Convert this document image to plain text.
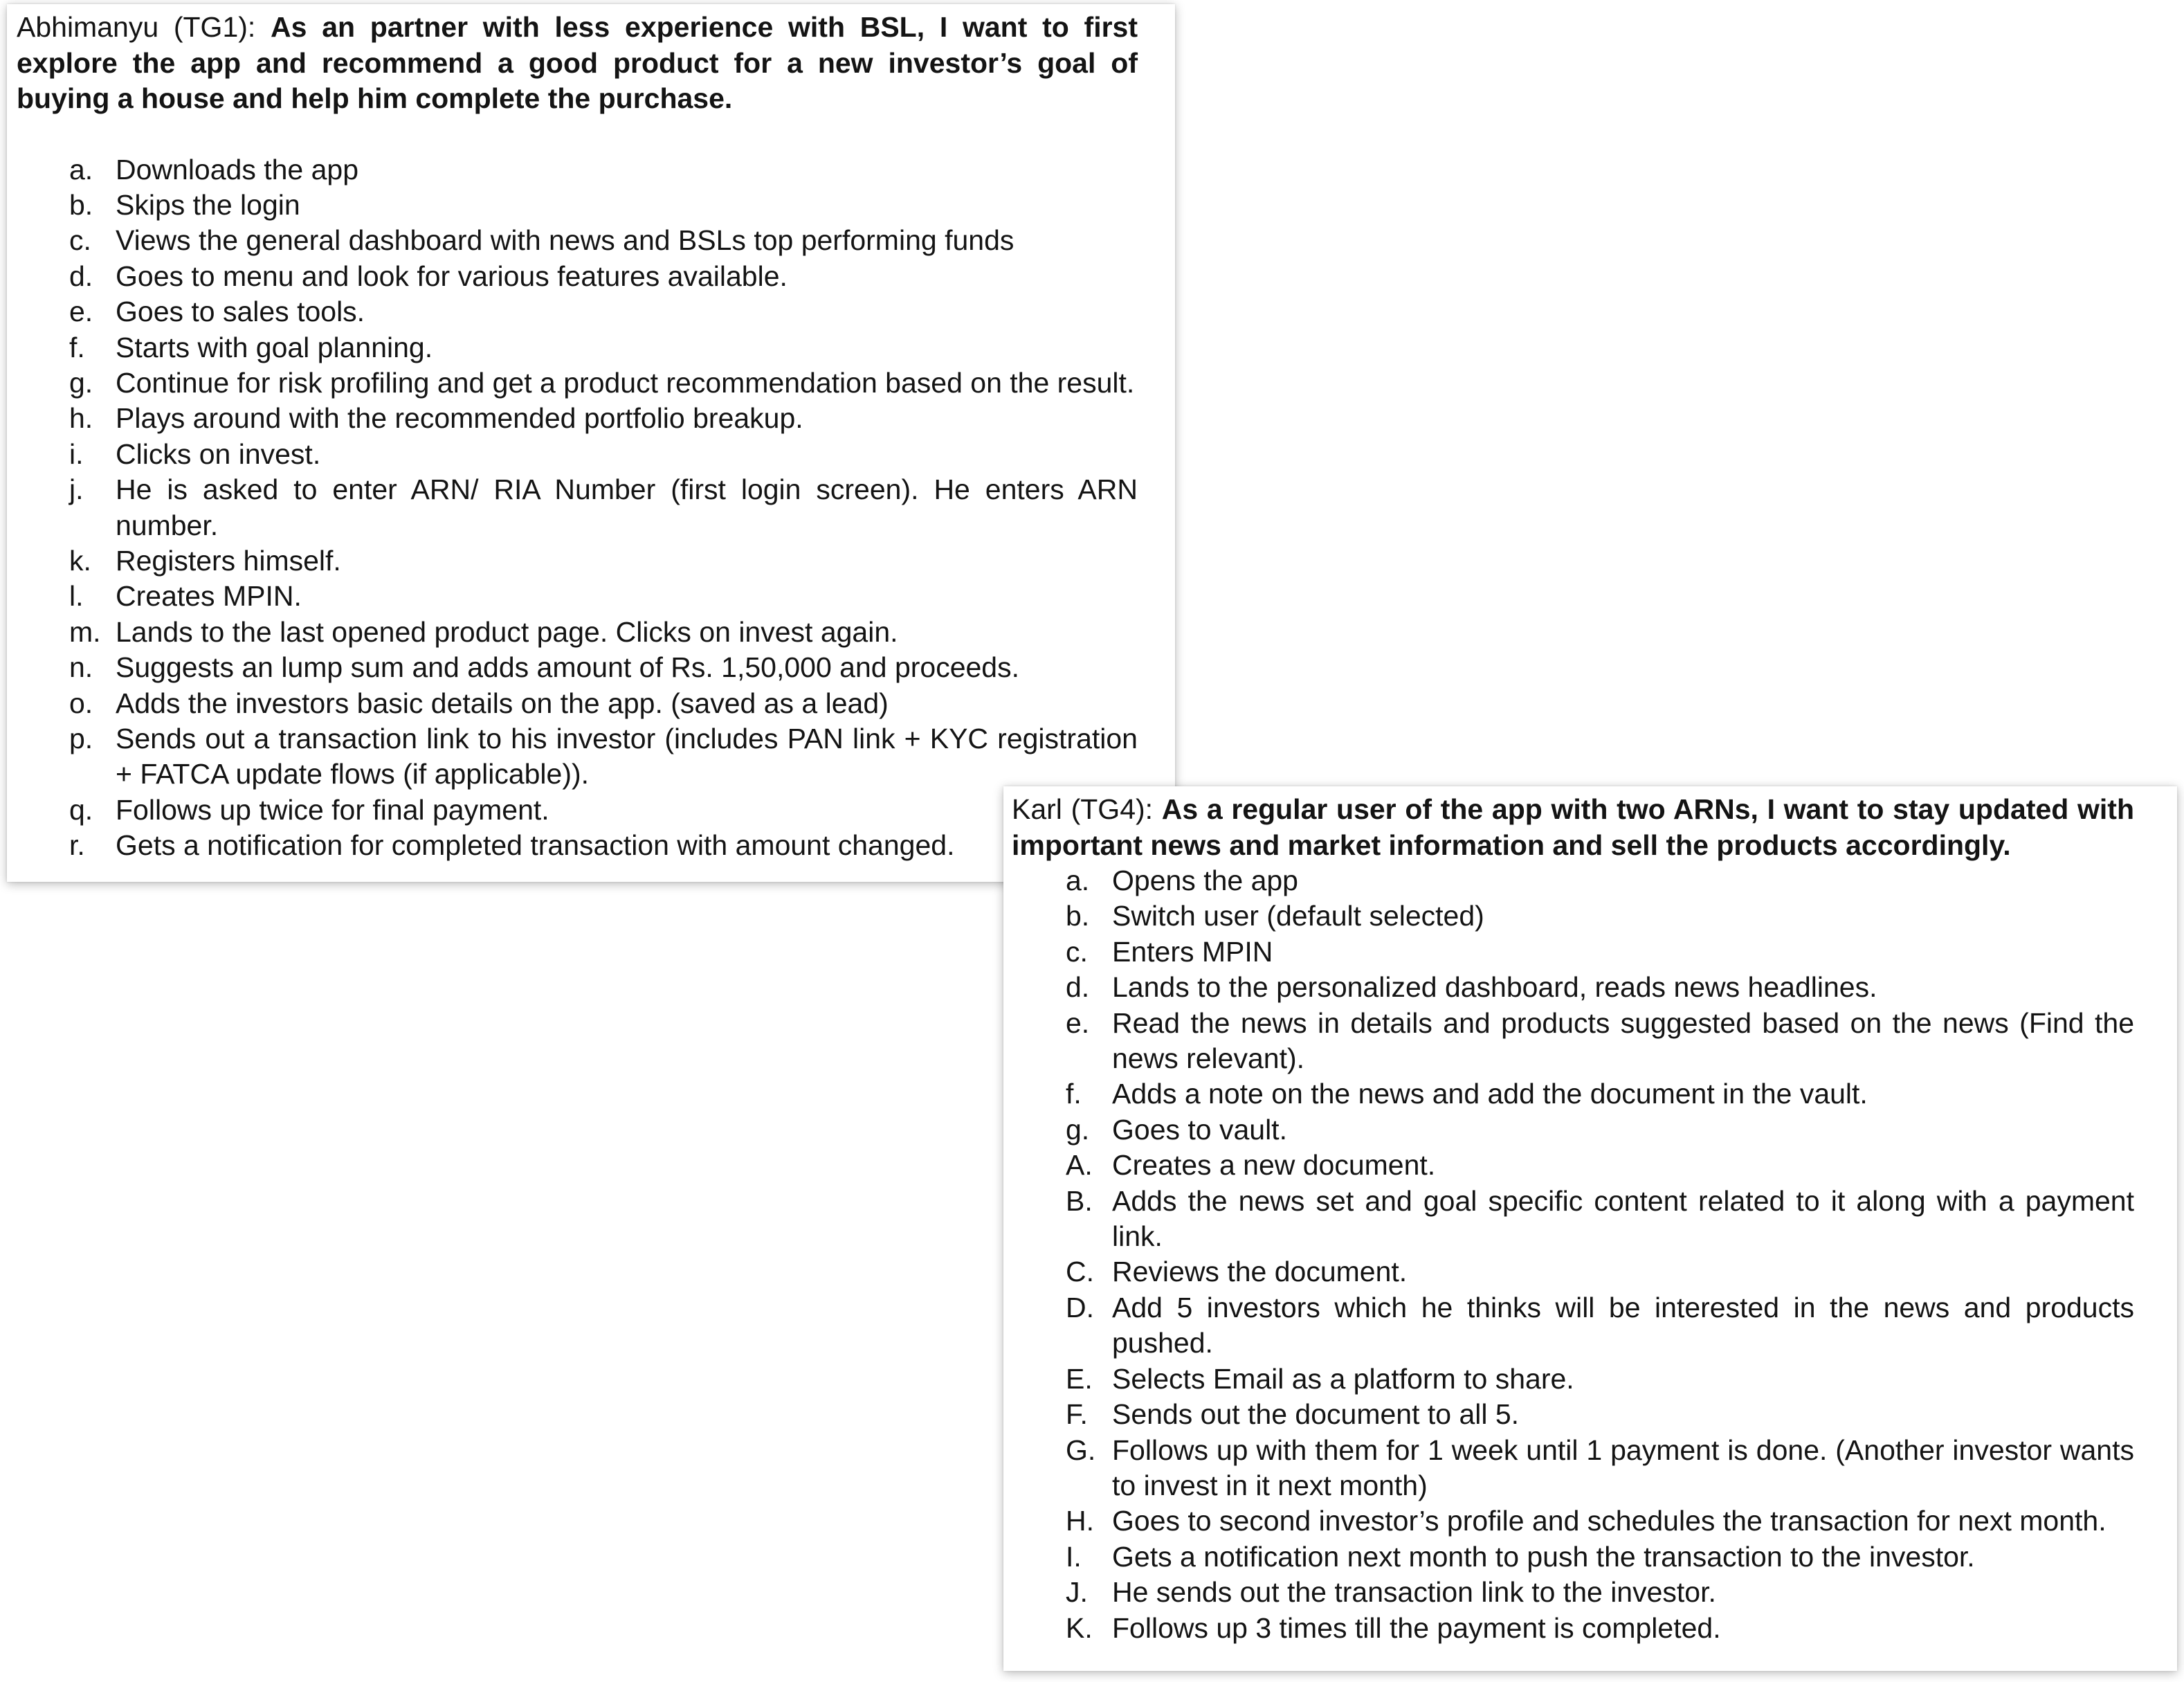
Abhimanyu (TG1): As an partner with less experience with BSL, I want to first explore the app and recommend a good product for a new investor’s goal of buying a house and help him complete the purchase.

a. Downloads the app
b. Skips the login
c. Views the general dashboard with news and BSLs top performing funds
d. Goes to menu and look for various features available.
e. Goes to sales tools.
f. Starts with goal planning.
g. Continue for risk profiling and get a product recommendation based on the result.
h. Plays around with the recommended portfolio breakup.
i. Clicks on invest.
j. He is asked to enter ARN/ RIA Number (first login screen). He enters ARN number.
k. Registers himself.
l. Creates MPIN.
m. Lands to the last opened product page. Clicks on invest again.
n. Suggests an lump sum and adds amount of Rs. 1,50,000 and proceeds.
o. Adds the investors basic details on the app. (saved as a lead)
p. Sends out a transaction link to his investor (includes PAN link + KYC registration + FATCA update flows (if applicable)).
q. Follows up twice for final payment.
r. Gets a notification for completed transaction with amount changed.

Karl (TG4): As a regular user of the app with two ARNs, I want to stay updated with important news and market information and sell the products accordingly.

a. Opens the app
b. Switch user (default selected)
c. Enters MPIN
d. Lands to the personalized dashboard, reads news headlines.
e. Read the news in details and products suggested based on the news (Find the news relevant).
f. Adds a note on the news and add the document in the vault.
g. Goes to vault.
A. Creates a new document.
B. Adds the news set and goal specific content related to it along with a payment link.
C. Reviews the document.
D. Add 5 investors which he thinks will be interested in the news and products pushed.
E. Selects Email as a platform to share.
F. Sends out the document to all 5.
G. Follows up with them for 1 week until 1 payment is done. (Another investor wants to invest in it next month)
H. Goes to second investor’s profile and schedules the transaction for next month.
I. Gets a notification next month to push the transaction to the investor.
J. He sends out the transaction link to the investor.
K. Follows up 3 times till the payment is completed.
